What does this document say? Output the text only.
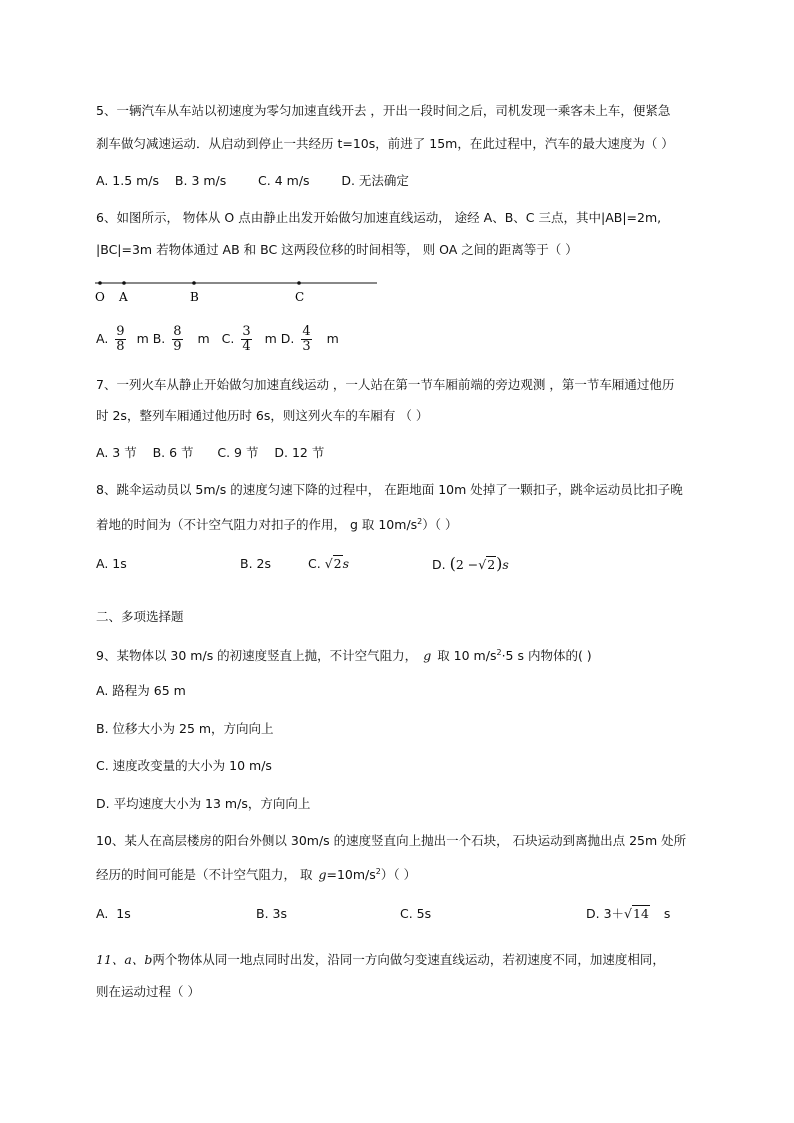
5、一辆汽车从车站以初速度为零匀加速直线开去 ，开出一段时间之后，司机发现一乘客未上车，便紧急
刹车做匀减速运动．从启动到停止一共经历 t=10s，前进了 15m，在此过程中，汽车的最大速度为（ ）
A. 1.5 m/s    B. 3 m/s        C. 4 m/s        D. 无法确定
6、如图所示， 物体从 O 点由静止出发开始做匀加速直线运动， 途经 A、B、C 三点，其中|AB|=2m,
|BC|=3m 若物体通过 AB 和 BC 这两段位移的时间相等， 则 OA 之间的距离等于（ ）
O A	B	C
A. $\frac{9}{8}$ m B. $\frac{8}{9}$ m   C. $\frac{3}{4}$ m D. $\frac{4}{3}$ m
7、一列火车从静止开始做匀加速直线运动 ，一人站在第一节车厢前端的旁边观测 ，第一节车厢通过他历
时 2s，整列车厢通过他历时 6s，则这列火车的车厢有 （ ）
A. 3 节    B. 6 节      C. 9 节    D. 12 节
8、跳伞运动员以 5m/s 的速度匀速下降的过程中， 在距地面 10m 处掉了一颗扣子，跳伞运动员比扣子晚
着地的时间为（不计空气阻力对扣子的作用， g 取 $10m/s^2$）（ ）
A. 1s	B. 2s	C. √2s	D. (2 −√2)s
二、多项选择题
9、某物体以 30 m/s 的初速度竖直上抛，不计空气阻力， g 取 10 $m/s^2\cdot 5$ s 内物体的( )
A. 路程为 65 m
B. 位移大小为 25 m，方向向上
C. 速度改变量的大小为 10 m/s
D. 平均速度大小为 13 m/s，方向向上
10、某人在高层楼房的阳台外侧以 30m/s 的速度竖直向上抛出一个石块， 石块运动到离抛出点 25m 处所
经历的时间可能是（不计空气阻力， 取 $g=10m/s^2$）（ ）
A.  1s	B. 3s	C. 5s	D. 3＋√14 s
11、a、b两个物体从同一地点同时出发，沿同一方向做匀变速直线运动，若初速度不同，加速度相同，
则在运动过程（ ）
